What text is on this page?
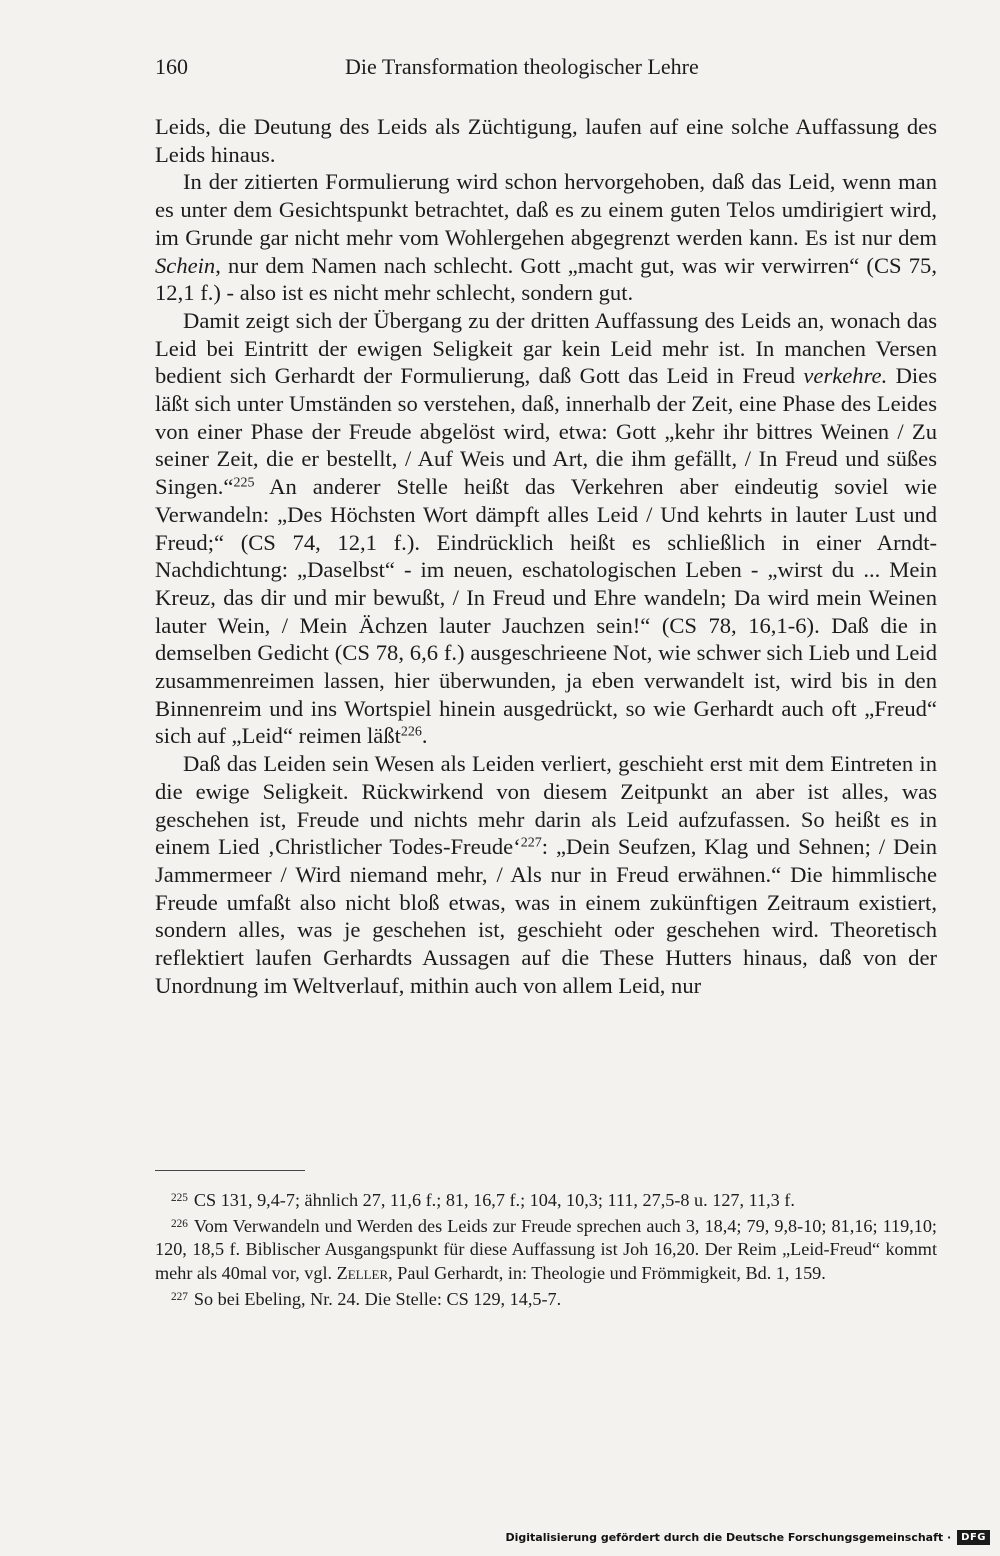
160	Die Transformation theologischer Lehre

Leids, die Deutung des Leids als Züchtigung, laufen auf eine solche Auffassung des Leids hinaus.

In der zitierten Formulierung wird schon hervorgehoben, daß das Leid, wenn man es unter dem Gesichtspunkt betrachtet, daß es zu einem guten Telos umdirigiert wird, im Grunde gar nicht mehr vom Wohlergehen abgegrenzt werden kann. Es ist nur dem Schein, nur dem Namen nach schlecht. Gott „macht gut, was wir verwirren“ (CS 75, 12,1 f.) - also ist es nicht mehr schlecht, sondern gut.

Damit zeigt sich der Übergang zu der dritten Auffassung des Leids an, wonach das Leid bei Eintritt der ewigen Seligkeit gar kein Leid mehr ist. In manchen Versen bedient sich Gerhardt der Formulierung, daß Gott das Leid in Freud verkehre. Dies läßt sich unter Umständen so verstehen, daß, innerhalb der Zeit, eine Phase des Leides von einer Phase der Freude abgelöst wird, etwa: Gott „kehr ihr bittres Weinen / Zu seiner Zeit, die er bestellt, / Auf Weis und Art, die ihm gefällt, / In Freud und süßes Singen.“$^{225}$ An anderer Stelle heißt das Verkehren aber eindeutig soviel wie Verwandeln: „Des Höchsten Wort dämpft alles Leid / Und kehrts in lauter Lust und Freud;“ (CS 74, 12,1 f.). Eindrücklich heißt es schließlich in einer Arndt-Nachdichtung: „Daselbst“ - im neuen, eschatologischen Leben - „wirst du ... Mein Kreuz, das dir und mir bewußt, / In Freud und Ehre wandeln; Da wird mein Weinen lauter Wein, / Mein Ächzen lauter Jauchzen sein!“ (CS 78, 16,1-6). Daß die in demselben Gedicht (CS 78, 6,6 f.) ausgeschrieene Not, wie schwer sich Lieb und Leid zusammenreimen lassen, hier überwunden, ja eben verwandelt ist, wird bis in den Binnenreim und ins Wortspiel hinein ausgedrückt, so wie Gerhardt auch oft „Freud“ sich auf „Leid“ reimen läßt$^{226}$.

Daß das Leiden sein Wesen als Leiden verliert, geschieht erst mit dem Eintreten in die ewige Seligkeit. Rückwirkend von diesem Zeitpunkt an aber ist alles, was geschehen ist, Freude und nichts mehr darin als Leid aufzufassen. So heißt es in einem Lied ‚Christlicher Todes-Freude‘$^{227}$: „Dein Seufzen, Klag und Sehnen; / Dein Jammermeer / Wird niemand mehr, / Als nur in Freud erwähnen.“ Die himmlische Freude umfaßt also nicht bloß etwas, was in einem zukünftigen Zeitraum existiert, sondern alles, was je geschehen ist, geschieht oder geschehen wird. Theoretisch reflektiert laufen Gerhardts Aussagen auf die These Hutters hinaus, daß von der Unordnung im Weltverlauf, mithin auch von allem Leid, nur

$^{225}$ CS 131, 9,4-7; ähnlich 27, 11,6 f.; 81, 16,7 f.; 104, 10,3; 111, 27,5-8 u. 127, 11,3 f.

$^{226}$ Vom Verwandeln und Werden des Leids zur Freude sprechen auch 3, 18,4; 79, 9,8-10; 81,16; 119,10; 120, 18,5 f. Biblischer Ausgangspunkt für diese Auffassung ist Joh 16,20. Der Reim „Leid-Freud“ kommt mehr als 40mal vor, vgl. Zeller, Paul Gerhardt, in: Theologie und Frömmigkeit, Bd. 1, 159.

$^{227}$ So bei Ebeling, Nr. 24. Die Stelle: CS 129, 14,5-7.

Digitalisierung gefördert durch die Deutsche Forschungsgemeinschaft ·	DFG
